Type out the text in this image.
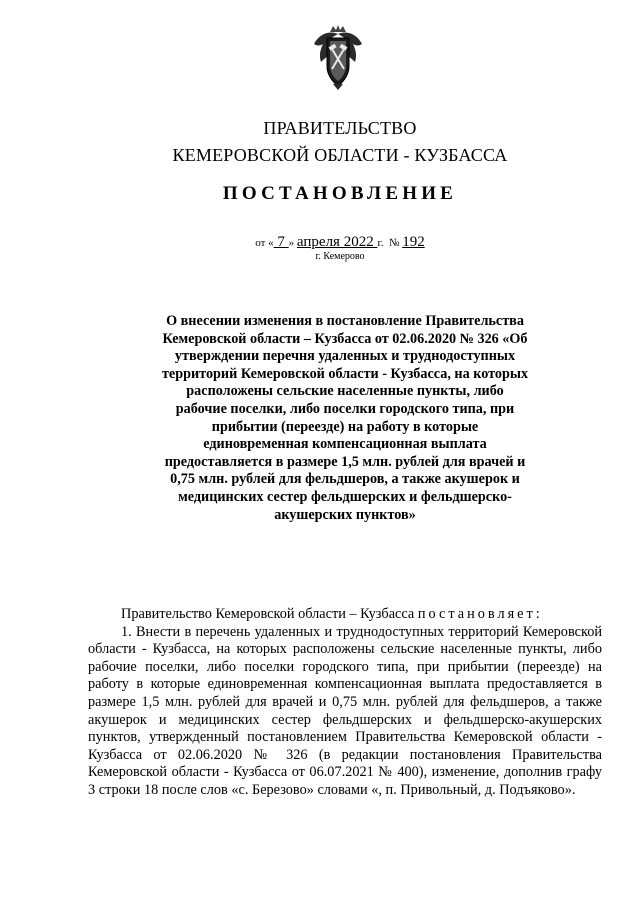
ПРАВИТЕЛЬСТВО
КЕМЕРОВСКОЙ ОБЛАСТИ - КУЗБАССА
ПОСТАНОВЛЕНИЕ
от « 7 » апреля 2022 г. № 192
г. Кемерово
О внесении изменения в постановление Правительства Кемеровской области – Кузбасса от 02.06.2020 № 326 «Об утверждении перечня удаленных и труднодоступных территорий Кемеровской области - Кузбасса, на которых расположены сельские населенные пункты, либо рабочие поселки, либо поселки городского типа, при прибытии (переезде) на работу в которые единовременная компенсационная выплата предоставляется в размере 1,5 млн. рублей для врачей и 0,75 млн. рублей для фельдшеров, а также акушерок и медицинских сестер фельдшерских и фельдшерско-акушерских пунктов»

Правительство Кемеровской области – Кузбасса постановляет:

1. Внести в перечень удаленных и труднодоступных территорий Кемеровской области - Кузбасса, на которых расположены сельские населенные пункты, либо рабочие поселки, либо поселки городского типа, при прибытии (переезде) на работу в которые единовременная компенсационная выплата предоставляется в размере 1,5 млн. рублей для врачей и 0,75 млн. рублей для фельдшеров, а также акушерок и медицинских сестер фельдшерских и фельдшерско-акушерских пунктов, утвержденный постановлением Правительства Кемеровской области - Кузбасса от 02.06.2020 № 326 (в редакции постановления Правительства Кемеровской области - Кузбасса от 06.07.2021 № 400), изменение, дополнив графу 3 строки 18 после слов «с. Березово» словами «, п. Привольный, д. Подъяково».
